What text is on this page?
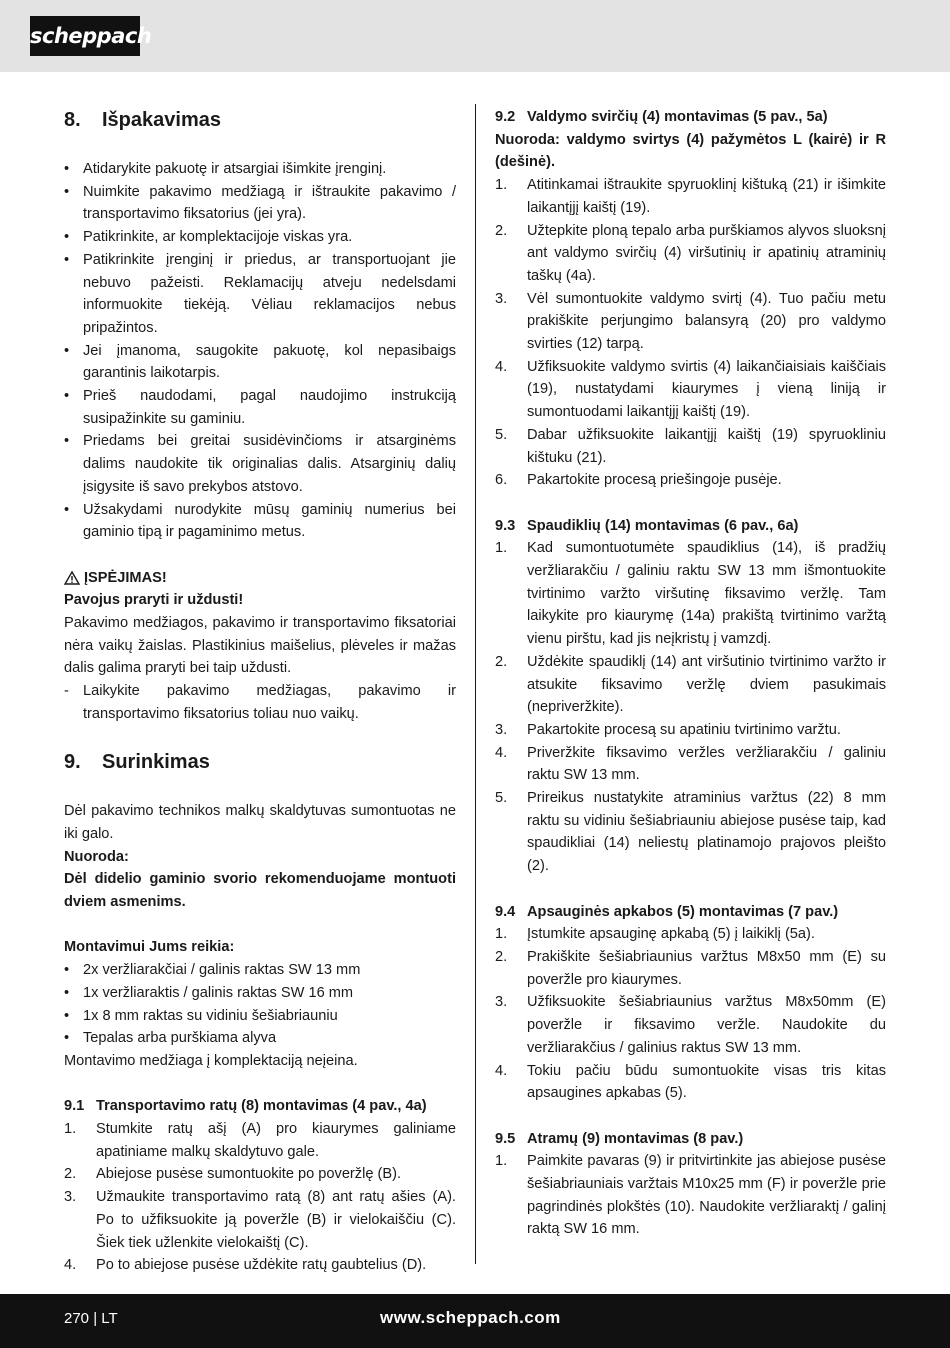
scheppach
8.	Išpakavimas
• Atidarykite pakuotę ir atsargiai išimkite įrenginį.
• Nuimkite pakavimo medžiagą ir ištraukite pakavimo / transportavimo fiksatorius (jei yra).
• Patikrinkite, ar komplektacijoje viskas yra.
• Patikrinkite įrenginį ir priedus, ar transportuojant jie nebuvo pažeisti. Reklamacijų atveju nedelsdami informuokite tiekėją. Vėliau reklamacijos nebus pripažintos.
• Jei įmanoma, saugokite pakuotę, kol nepasibaigs garantinis laikotarpis.
• Prieš naudodami, pagal naudojimo instrukciją susipažinkite su gaminiu.
• Priedams bei greitai susidėvinčioms ir atsarginėms dalims naudokite tik originalias dalis. Atsarginių dalių įsigysite iš savo prekybos atstovo.
• Užsakydami nurodykite mūsų gaminių numerius bei gaminio tipą ir pagaminimo metus.
ĮSPĖJIMAS!
Pavojus praryti ir uždusti!
Pakavimo medžiagos, pakavimo ir transportavimo fiksatoriai nėra vaikų žaislas. Plastikinius maišelius, plėveles ir mažas dalis galima praryti bei taip uždusti.
- Laikykite pakavimo medžiagas, pakavimo ir transportavimo fiksatorius toliau nuo vaikų.
9.	Surinkimas
Dėl pakavimo technikos malkų skaldytuvas sumontuotas ne iki galo.
Nuoroda:
Dėl didelio gaminio svorio rekomenduojame montuoti dviem asmenims.
Montavimui Jums reikia:
• 2x veržliarakčiai / galinis raktas SW 13 mm
• 1x veržliaraktis / galinis raktas SW 16 mm
• 1x 8 mm raktas su vidiniu šešiabriauniu
• Tepalas arba purškiama alyva
Montavimo medžiaga į komplektaciją neįeina.
9.1 Transportavimo ratų (8) montavimas (4 pav., 4a)
1.	Stumkite ratų ašį (A) pro kiaurymes galiniame apatiniame malkų skaldytuvo gale.
2.	Abiejose pusėse sumontuokite po poveržlę (B).
3.	Užmaukite transportavimo ratą (8) ant ratų ašies (A). Po to užfiksuokite ją poveržle (B) ir vielokaiščiu (C). Šiek tiek užlenkite vielokaištį (C).
4.	Po to abiejose pusėse uždėkite ratų gaubtelius (D).
9.2 Valdymo svirčių (4) montavimas (5 pav., 5a)
Nuoroda: valdymo svirtys (4) pažymėtos L (kairė) ir R (dešinė).
1.	Atitinkamai ištraukite spyruoklinį kištuką (21) ir išimkite laikantįjį kaištį (19).
2.	Užtepkite ploną tepalo arba purškiamos alyvos sluoksnį ant valdymo svirčių (4) viršutinių ir apatinių atraminių taškų (4a).
3.	Vėl sumontuokite valdymo svirtį (4). Tuo pačiu metu prakiškite perjungimo balansyrą (20) pro valdymo svirties (12) tarpą.
4.	Užfiksuokite valdymo svirtis (4) laikančiaisiais kaiščiais (19), nustatydami kiaurymes į vieną liniją ir sumontuodami laikantįjį kaištį (19).
5.	Dabar užfiksuokite laikantįjį kaištį (19) spyruokliniu kištuku (21).
6.	Pakartokite procesą priešingoje pusėje.
9.3 Spaudiklių (14) montavimas (6 pav., 6a)
1.	Kad sumontuotumėte spaudiklius (14), iš pradžių veržliarakčiu / galiniu raktu SW 13 mm išmontuokite tvirtinimo varžto viršutinę fiksavimo veržlę. Tam laikykite pro kiaurymę (14a) prakištą tvirtinimo varžtą vienu pirštu, kad jis neįkristų į vamzdį.
2.	Uždėkite spaudiklį (14) ant viršutinio tvirtinimo varžto ir atsukite fiksavimo veržlę dviem pasukimais (nepriveržkite).
3.	Pakartokite procesą su apatiniu tvirtinimo varžtu.
4.	Priveržkite fiksavimo veržles veržliarakčiu / galiniu raktu SW 13 mm.
5.	Prireikus nustatykite atraminius varžtus (22) 8 mm raktu su vidiniu šešiabriauniu abiejose pusėse taip, kad spaudikliai (14) neliestų platinamojo prajovos pleišto (2).
9.4 Apsauginės apkabos (5) montavimas (7 pav.)
1.	Įstumkite apsauginę apkabą (5) į laikiklį (5a).
2.	Prakiškite šešiabriaunius varžtus M8x50 mm (E) su poveržle pro kiaurymes.
3.	Užfiksuokite šešiabriaunius varžtus M8x50mm (E) poveržle ir fiksavimo veržle. Naudokite du veržliarakčius / galinius raktus SW 13 mm.
4.	Tokiu pačiu būdu sumontuokite visas tris kitas apsaugines apkabas (5).
9.5 Atramų (9) montavimas (8 pav.)
1.	Paimkite pavaras (9) ir pritvirtinkite jas abiejose pusėse šešiabriauniais varžtais M10x25 mm (F) ir poveržle prie pagrindinės plokštės (10). Naudokite veržliaraktį / galinį raktą SW 16 mm.
270 | LT	www.scheppach.com
